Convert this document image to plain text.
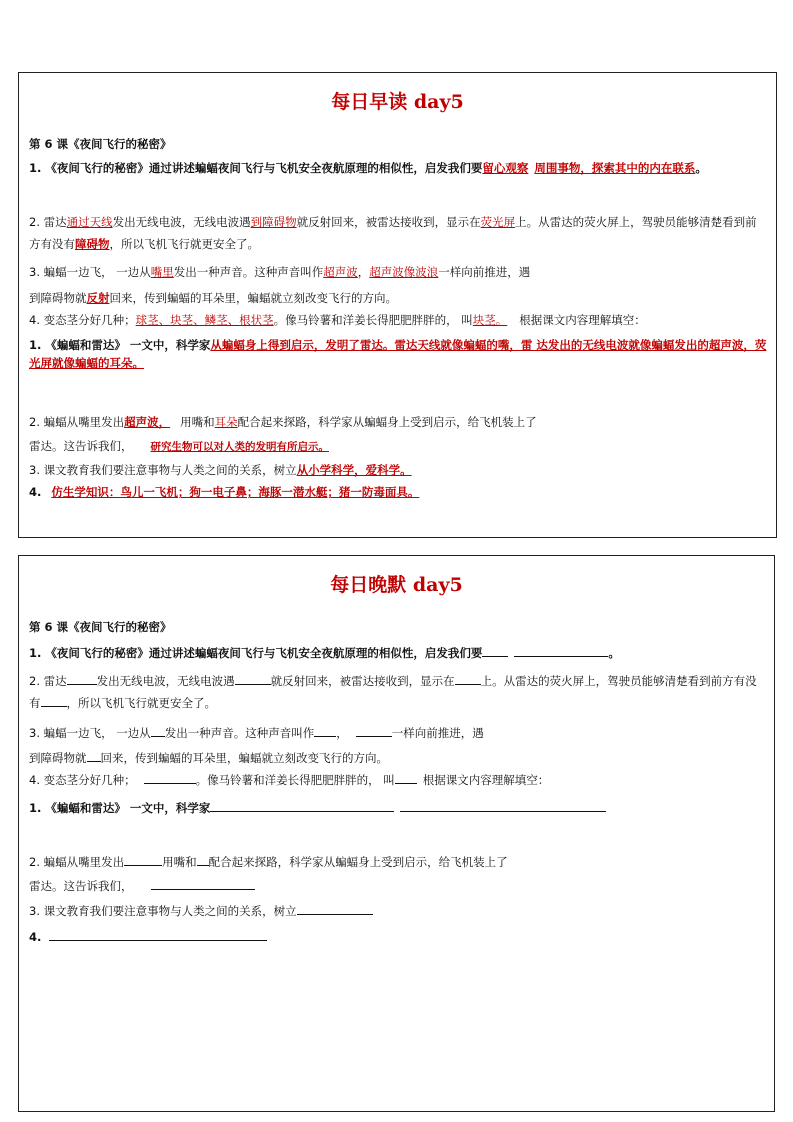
每日早读 day5
第 6 课《夜间飞行的秘密》
1. 《夜间飞行的秘密》通过讲述蝙蝠夜间飞行与飞机安全夜航原理的相似性，启发我们要留心观察 周围事物，探索其中的内在联系。
2. 雷达通过天线发出无线电波，无线电波遇到障碍物就反射回来，被雷达接收到，显示在荧光屏上。从雷达的荧火屏上，驾驶员能够清楚看到前方有没有障碍物，所以飞机飞行就更安全了。
3. 蝙蝠一边飞， 一边从嘴里发出一种声音。这种声音叫作超声波，超声波像波浪一样向前推进，遇
到障碍物就反射回来，传到蝙蝠的耳朵里，蝙蝠就立刻改变飞行的方向。
4. 变态茎分好几种；球茎、块茎、鳞茎、根状茎。像马铃薯和洋姜长得肥肥胖胖的， 叫块茎。 根据课文内容理解填空：
1. 《蝙蝠和雷达》 一文中，科学家从蝙蝠身上得到启示，发明了雷达。雷达天线就像蝙蝠的嘴，雷 达发出的无线电波就像蝙蝠发出的超声波，荧光屏就像蝙蝠的耳朵。
2. 蝙蝠从嘴里发出超声波， 用嘴和耳朵配合起来探路，科学家从蝙蝠身上受到启示，给飞机装上了
雷达。这告诉我们， 研究生物可以对人类的发明有所启示。
3. 课文教育我们要注意事物与人类之间的关系，树立从小学科学，爱科学。
4. 仿生学知识：鸟儿一飞机；狗一电子鼻；海豚一潜水艇；猪一防毒面具。
每日晚默 day5
第 6 课《夜间飞行的秘密》
1. 《夜间飞行的秘密》通过讲述蝙蝠夜间飞行与飞机安全夜航原理的相似性，启发我们要	。
2. 雷达	发出无线电波，无线电波遇	就反射回来，被雷达接收到，显示在 上。从雷达的荧火屏上，驾驶员能够清楚看到前方有没有 ，所以飞机飞行就更安全了。
3. 蝙蝠一边飞， 一边从 发出一种声音。这种声音叫作 ，	一样向前推进，遇
到障碍物就 回来，传到蝙蝠的耳朵里，蝙蝠就立刻改变飞行的方向。
4. 变态茎分好几种；	。像马铃薯和洋姜长得肥肥胖胖的， 叫 根据课文内容理解填空：
1. 《蝙蝠和雷达》 一文中，科学家
2. 蝙蝠从嘴里发出	用嘴和 配合起来探路，科学家从蝙蝠身上受到启示，给飞机装上了
雷达。这告诉我们，
3. 课文教育我们要注意事物与人类之间的关系，树立
4.
